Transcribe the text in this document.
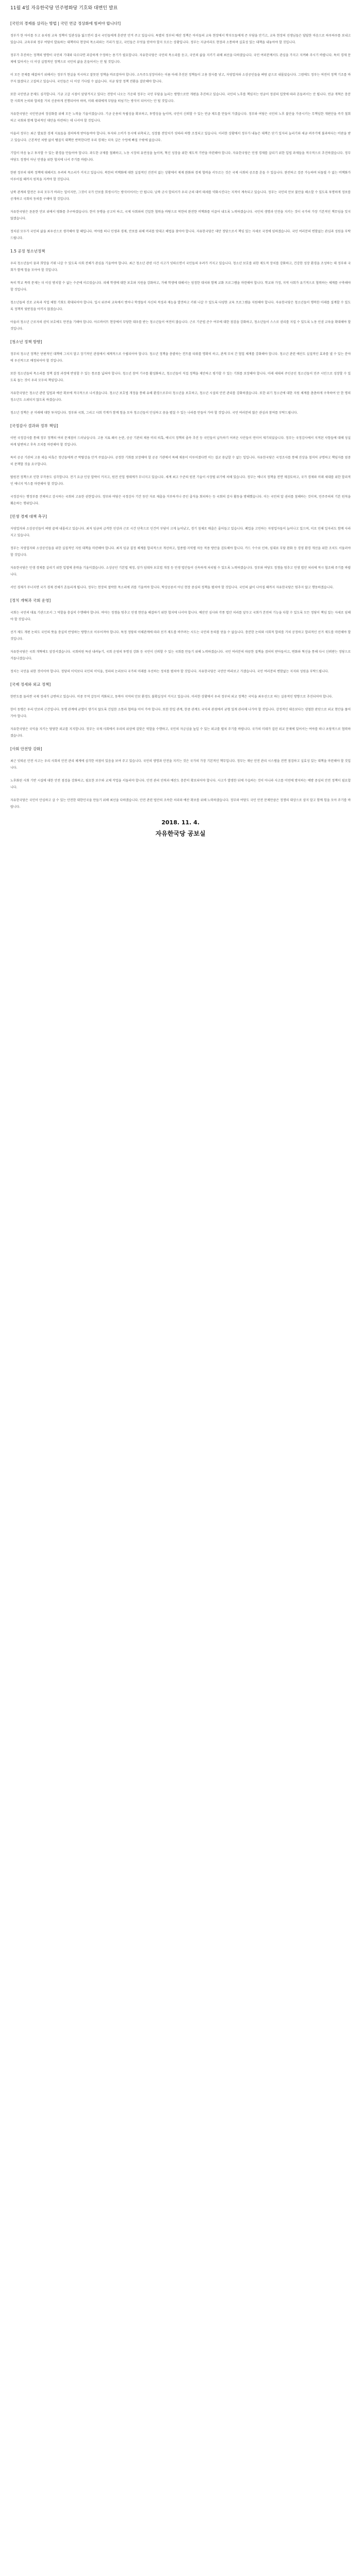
11월 4일 자유한국당 민주평화당 기호와 대변인 발표
[국민의 경제를 살리는 방법 | 국민 연금 정상화에 힘써야 합니다!]

정부가 한 아이를 두고 유치원 교육 정책이 일관성을 잃으면서 결국 국민들에게 혼란만 안겨 주고 있습니다. 특별히 정부의 예산 정책은 아이들의 교육 현장에서 학부모들에게 큰 부담을 안기고, 교육 현장의 선생님들은 답답한 마음으로 하루하루를 보내고 있습니다. 교육부와 정부 여당이 발표하는 대책마다 현장의 목소리와는 거리가 멀고, 국민들은 무엇을 믿어야 할지 모르는 상황입니다. 정부는 지금이라도 현장과 소통하며 실효성 있는 대책을 내놓아야 할 것입니다.

정부가 추진하는 정책의 방향이 국민의 기대와 다르다면 과감하게 수정하는 용기가 필요합니다. 자유한국당은 국민의 목소리를 듣고, 국민의 삶을 지키기 위해 최선을 다하겠습니다. 국민 여러분께서도 관심을 가지고 지켜봐 주시기 바랍니다. 특히 경제 문제에 있어서는 더 이상 실험적인 정책으로 국민의 삶을 흔들어서는 안 될 것입니다.

이 모든 문제를 해결하기 위해서는 정부가 현실을 직시하고 잘못된 정책을 바로잡아야 합니다. 소득주도성장이라는 이름 아래 추진된 정책들이 고용 참사를 낳고, 자영업자와 소상공인들을 벼랑 끝으로 내몰았습니다. 그럼에도 정부는 여전히 정책 기조를 바꾸지 않겠다고 고집하고 있습니다. 국민들은 더 이상 기다릴 수 없습니다. 지금 당장 정책 전환을 결단해야 합니다.

또한 국민연금 문제도 심각합니다. 기금 고갈 시점이 앞당겨지고 있다는 전망이 나오는 가운데 정부는 국민 부담을 늘리는 방향으로만 개편을 추진하고 있습니다. 국민의 노후를 책임지는 연금이 정권의 입맛에 따라 흔들려서는 안 됩니다. 연금 개혁은 충분한 사회적 논의와 합의를 거쳐 신중하게 진행되어야 하며, 미래 세대에게 부담을 떠넘기는 방식이 되어서는 안 될 것입니다.

자유한국당은 국민연금의 정상화를 위해 모든 노력을 기울이겠습니다. 기금 운용의 독립성을 확보하고, 투명성을 높이며, 국민이 신뢰할 수 있는 연금 제도를 만들어 가겠습니다. 정부와 여당은 국민의 노후 불안을 가중시키는 무책임한 개편안을 즉각 철회하고 국회와 함께 합리적인 대안을 마련하는 데 나서야 할 것입니다.

아울러 정부는 최근 발표한 경제 지표들을 겸허하게 받아들여야 합니다. 투자와 소비가 동시에 위축되고, 성장률 전망치가 잇따라 하향 조정되고 있습니다. 이러한 상황에서 정부가 내놓은 대책은 단기 일자리 늘리기와 세금 퍼주기에 불과하다는 비판을 받고 있습니다. 근본적인 처방 없이 땜질식 대책만 반복한다면 우리 경제는 더욱 깊은 수렁에 빠질 수밖에 없습니다.

기업이 마음 놓고 투자할 수 있는 환경을 만들어야 합니다. 과도한 규제를 철폐하고, 노동 시장의 유연성을 높이며, 혁신 성장을 위한 제도적 기반을 마련해야 합니다. 자유한국당은 민생 경제를 살리기 위한 입법 과제들을 적극적으로 추진하겠습니다. 정부 여당도 정쟁이 아닌 민생을 위한 협치에 나서 주기를 바랍니다.

한편 정부의 대북 정책에 대해서도 우려의 목소리가 커지고 있습니다. 북한의 비핵화에 대한 실질적인 진전이 없는 상황에서 제재 완화와 경제 협력을 서두르는 것은 국제 사회의 공조를 흔들 수 있습니다. 완전하고 검증 가능하며 되돌릴 수 없는 비핵화가 이루어질 때까지 원칙을 지켜야 할 것입니다.

남북 관계의 발전은 우리 모두가 바라는 일이지만, 그것이 국가 안보를 희생시키는 방식이어서는 안 됩니다. 남북 군사 합의서가 우리 군의 대비 태세를 약화시킨다는 지적이 계속되고 있습니다. 정부는 국민의 안보 불안을 해소할 수 있도록 투명하게 정보를 공개하고 국회의 동의를 구해야 할 것입니다.

자유한국당은 튼튼한 안보 위에서 평화를 추구하겠습니다. 한미 동맹을 공고히 하고, 국제 사회와의 긴밀한 협력을 바탕으로 북한의 완전한 비핵화를 이끌어 내도록 노력하겠습니다. 국민의 생명과 안전을 지키는 것이 국가의 가장 기본적인 책무임을 잊지 않겠습니다.

정치권 모두가 국민의 삶을 최우선으로 생각해야 할 때입니다. 여야를 떠나 민생과 경제, 안보를 위해 머리를 맞대고 해법을 찾아야 합니다. 자유한국당은 대안 정당으로서 책임 있는 자세로 국정에 임하겠습니다. 국민 여러분의 변함없는 관심과 성원을 부탁드립니다.

1.5 공정 청소년정책

우리 청소년들이 꿈과 희망을 키워 나갈 수 있도록 사회 전체가 관심을 기울여야 합니다. 최근 청소년 관련 사건 사고가 잇따르면서 국민들의 우려가 커지고 있습니다. 청소년 보호를 위한 제도적 장치를 강화하고, 건강한 성장 환경을 조성하는 데 정부와 국회가 함께 힘을 모아야 할 것입니다.

특히 학교 폭력 문제는 더 이상 방치할 수 없는 수준에 이르렀습니다. 피해 학생에 대한 보호와 지원을 강화하고, 가해 학생에 대해서는 엄정한 대처와 함께 교화 프로그램을 마련해야 합니다. 학교와 가정, 지역 사회가 유기적으로 협력하는 체계를 구축해야 할 것입니다.

청소년들의 진로 교육과 직업 체험 기회도 확대되어야 합니다. 입시 위주의 교육에서 벗어나 학생들이 자신의 적성과 재능을 발견하고 키워 나갈 수 있도록 다양한 교육 프로그램을 지원해야 합니다. 자유한국당은 청소년들이 행복한 미래를 설계할 수 있도록 정책적 뒷받침을 아끼지 않겠습니다.

아울러 청소년 근로자의 권익 보호에도 만전을 기해야 합니다. 아르바이트 현장에서 부당한 대우를 받는 청소년들이 여전히 많습니다. 근로 기준법 준수 여부에 대한 점검을 강화하고, 청소년들이 스스로 권리를 지킬 수 있도록 노동 인권 교육을 확대해야 할 것입니다.

[청소년 정책 방향]

정부의 청소년 정책은 단편적인 대책에 그치지 말고 장기적인 관점에서 체계적으로 수립되어야 합니다. 청소년 정책을 총괄하는 컨트롤 타워를 명확히 하고, 관계 부처 간 협업 체계를 강화해야 합니다. 청소년 관련 예산도 실질적인 효과를 낼 수 있는 분야에 우선적으로 배정되어야 할 것입니다.

또한 청소년들의 목소리를 정책 결정 과정에 반영할 수 있는 통로를 넓혀야 합니다. 청소년 참여 기구를 활성화하고, 청소년들이 직접 정책을 제안하고 평가할 수 있는 기회를 보장해야 합니다. 미래 세대의 주인공인 청소년들이 민주 시민으로 성장할 수 있도록 돕는 것이 우리 모두의 책임입니다.

자유한국당은 청소년 관련 입법과 예산 확보에 적극적으로 나서겠습니다. 청소년 보호법 개정을 통해 유해 환경으로부터 청소년을 보호하고, 청소년 시설의 안전 관리를 강화하겠습니다. 또한 위기 청소년에 대한 지원 체계를 촘촘하게 구축하여 단 한 명의 청소년도 소외되지 않도록 하겠습니다.

청소년 정책은 곧 미래에 대한 투자입니다. 정부와 국회, 그리고 사회 각계가 함께 힘을 모아 청소년들이 안심하고 꿈을 펼칠 수 있는 나라를 만들어 가야 할 것입니다. 국민 여러분의 많은 관심과 참여를 부탁드립니다.

[국정감사 결과와 정부 책임]

이번 국정감사를 통해 정부 정책의 여러 문제점이 드러났습니다. 고용 지표 왜곡 논란, 공공 기관의 채용 비리 의혹, 에너지 정책의 졸속 추진 등 국민들이 납득하기 어려운 사안들이 연이어 제기되었습니다. 정부는 국정감사에서 지적된 사항들에 대해 성실하게 답변하고 후속 조치를 마련해야 할 것입니다.

특히 공공 기관의 고용 세습 의혹은 청년들에게 큰 박탈감을 안겨 주었습니다. 공정한 기회를 보장해야 할 공공 기관에서 특혜 채용이 이루어졌다면 이는 결코 용납할 수 없는 일입니다. 자유한국당은 국정조사를 통해 진상을 철저히 규명하고 책임자를 엄중히 문책할 것을 요구합니다.

탈원전 정책으로 인한 부작용도 심각합니다. 전기 요금 인상 압박이 커지고, 원전 산업 생태계가 무너지고 있습니다. 세계 최고 수준의 원전 기술이 사장될 위기에 처해 있습니다. 정부는 에너지 정책을 전면 재검토하고, 국가 경제와 미래 세대를 위한 합리적인 에너지 믹스를 마련해야 할 것입니다.

국정감사는 행정부를 견제하고 감시하는 국회의 고유한 권한입니다. 정부와 여당은 국정감사 기간 동안 자료 제출을 거부하거나 증인 출석을 회피하는 등 국회의 감사 활동을 방해했습니다. 이는 국민의 알 권리를 침해하는 것이며, 민주주의의 기본 원칙을 훼손하는 행위입니다.

[민생 경제 대책 촉구]

자영업자와 소상공인들이 벼랑 끝에 내몰리고 있습니다. 최저 임금의 급격한 인상과 근로 시간 단축으로 인건비 부담이 크게 늘어났고, 경기 침체로 매출은 줄어들고 있습니다. 폐업을 고민하는 자영업자들이 늘어나고 있으며, 이로 인해 일자리도 함께 사라지고 있습니다.

정부는 자영업자와 소상공인들을 위한 실질적인 지원 대책을 마련해야 합니다. 최저 임금 결정 체계를 합리적으로 개선하고, 업종별·지역별 차등 적용 방안을 검토해야 합니다. 카드 수수료 인하, 임대료 부담 완화 등 경영 환경 개선을 위한 조치도 서둘러야 할 것입니다.

자유한국당은 민생 경제를 살리기 위한 입법에 총력을 기울이겠습니다. 소상공인 기본법 제정, 상가 임대차 보호법 개정 등 민생 법안들이 신속하게 처리될 수 있도록 노력하겠습니다. 정부와 여당도 정쟁을 멈추고 민생 법안 처리에 적극 협조해 주기를 바랍니다.

서민 경제가 무너지면 국가 경제 전체가 흔들리게 됩니다. 정부는 현장의 절박한 목소리에 귀를 기울여야 합니다. 탁상공론이 아닌 현장 중심의 정책을 펼쳐야 할 것입니다. 국민의 삶이 나아질 때까지 자유한국당은 멈추지 않고 행동하겠습니다.

[정치 개혁과 국회 운영]

국회는 국민의 대표 기관으로서 그 역할을 충실히 수행해야 합니다. 여야는 정쟁을 멈추고 민생 현안을 해결하기 위한 협치에 나서야 합니다. 예산안 심사와 각종 법안 처리를 앞두고 국회가 본연의 기능을 다할 수 있도록 모든 정당이 책임 있는 자세로 임해야 할 것입니다.

선거 제도 개편 논의도 국민의 뜻을 충실히 반영하는 방향으로 이루어져야 합니다. 특정 정당의 이해관계에 따라 선거 제도를 바꾸려는 시도는 국민의 동의를 얻을 수 없습니다. 충분한 논의와 사회적 합의를 거쳐 공정하고 합리적인 선거 제도를 마련해야 할 것입니다.

자유한국당은 국회 개혁에도 앞장서겠습니다. 국회의원 특권 내려놓기, 국회 운영의 투명성 강화 등 국민이 신뢰할 수 있는 국회를 만들기 위해 노력하겠습니다. 국민 여러분의 따끔한 질책을 겸허히 받아들이고, 변화와 혁신을 통해 다시 신뢰받는 정당으로 거듭나겠습니다.

정치는 국민을 위한 것이어야 합니다. 정당의 이익보다 국민의 이익을, 정파의 논리보다 국가의 미래를 우선하는 정치를 펼쳐야 할 것입니다. 자유한국당은 국민만 바라보고 가겠습니다. 국민 여러분의 변함없는 지지와 성원을 부탁드립니다.

[국제 정세와 외교 정책]

한반도를 둘러싼 국제 정세가 급변하고 있습니다. 미중 무역 갈등이 격화되고, 동북아 지역의 안보 환경도 불확실성이 커지고 있습니다. 이러한 상황에서 우리 정부의 외교 정책은 국익을 최우선으로 하는 실용적인 방향으로 추진되어야 합니다.

한미 동맹은 우리 안보의 근간입니다. 동맹 관계에 균열이 생기지 않도록 긴밀한 소통과 협력을 이어 가야 합니다. 또한 한일 관계, 한중 관계도 국익의 관점에서 균형 있게 관리해 나가야 할 것입니다. 감정적인 대응보다는 냉철한 판단으로 외교 현안을 풀어 가야 합니다.

자유한국당은 국익을 지키는 당당한 외교를 지지합니다. 정부는 국제 사회에서 우리의 위상에 걸맞은 역할을 수행하고, 국민의 자긍심을 높일 수 있는 외교를 펼쳐 주기를 바랍니다. 국가의 미래가 걸린 외교 문제에 있어서는 여야를 떠나 초당적으로 협력하겠습니다.

[사회 안전망 강화]

최근 잇따른 안전 사고는 우리 사회의 안전 관리 체계에 심각한 허점이 있음을 보여 주고 있습니다. 국민의 생명과 안전을 지키는 것은 국가의 가장 기본적인 책무입니다. 정부는 재난 안전 관리 시스템을 전면 점검하고 실효성 있는 대책을 마련해야 할 것입니다.

노후화된 사회 기반 시설에 대한 안전 점검을 강화하고, 필요한 보수와 교체 작업을 서둘러야 합니다. 안전 관리 인력과 예산도 충분히 확보되어야 합니다. 사고가 발생한 뒤에 수습하는 것이 아니라 사고를 미연에 방지하는 예방 중심의 안전 정책이 필요합니다.

자유한국당은 국민이 안심하고 살 수 있는 안전한 대한민국을 만들기 위해 최선을 다하겠습니다. 안전 관련 법안의 조속한 처리와 예산 확보를 위해 노력하겠습니다. 정부와 여당도 국민 안전 문제만큼은 정쟁의 대상으로 삼지 말고 함께 힘을 모아 주기를 바랍니다.

2018. 11. 4.
자유한국당 공보실
